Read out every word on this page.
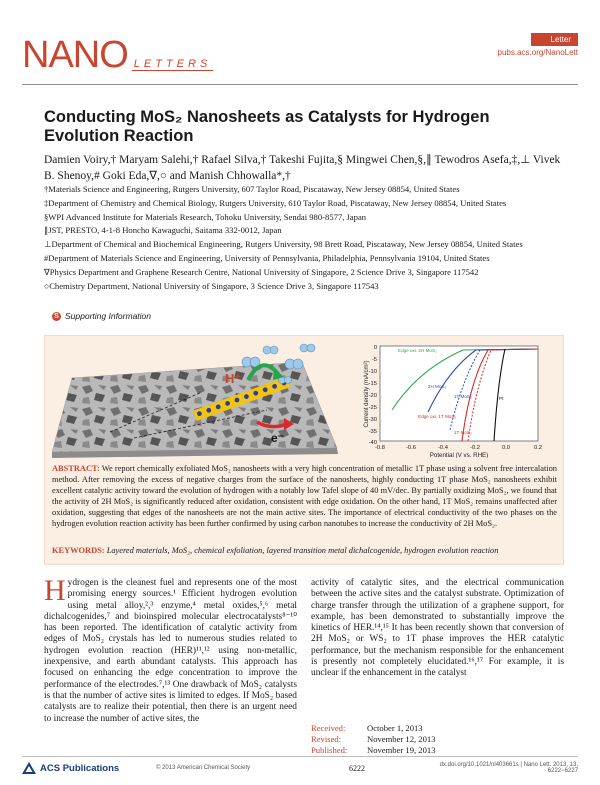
NANO LETTERS
Letter
pubs.acs.org/NanoLett
Conducting MoS₂ Nanosheets as Catalysts for Hydrogen Evolution Reaction
Damien Voiry,† Maryam Salehi,† Rafael Silva,† Takeshi Fujita,§ Mingwei Chen,§,∥ Tewodros Asefa,‡,⊥ Vivek B. Shenoy,# Goki Eda,∇,○ and Manish Chhowalla*,†
†Materials Science and Engineering, Rutgers University, 607 Taylor Road, Piscataway, New Jersey 08854, United States
‡Department of Chemistry and Chemical Biology, Rutgers University, 610 Taylor Road, Piscataway, New Jersey 08854, United States
§WPI Advanced Institute for Materials Research, Tohoku University, Sendai 980-8577, Japan
∥JST, PRESTO, 4-1-8 Honcho Kawaguchi, Saitama 332-0012, Japan
⊥Department of Chemical and Biochemical Engineering, Rutgers University, 98 Brett Road, Piscataway, New Jersey 08854, United States
#Department of Materials Science and Engineering, University of Pennsylvania, Philadelphia, Pennsylvania 19104, United States
∇Physics Department and Graphene Research Centre, National University of Singapore, 2 Science Drive 3, Singapore 117542
○Chemistry Department, National University of Singapore, 3 Science Drive 3, Singapore 117543
S Supporting Information
H⁺
e⁻
0
-5
-10
-15
-20
-25
-30
-35
-40
-0.8	-0.6	-0.4	-0.2	0.0	0.2
Potential (V vs. RHE)
Current density (mA/cm²)
Edge oxi. 2H MoS₂
2H MoS₂
1T MoS₂
Edge oxi. 1T MoS₂
1T MoS₂
Pt
ABSTRACT: We report chemically exfoliated MoS₂ nanosheets with a very high concentration of metallic 1T phase using a solvent free intercalation method. After removing the excess of negative charges from the surface of the nanosheets, highly conducting 1T phase MoS₂ nanosheets exhibit excellent catalytic activity toward the evolution of hydrogen with a notably low Tafel slope of 40 mV/dec. By partially oxidizing MoS₂, we found that the activity of 2H MoS₂ is significantly reduced after oxidation, consistent with edge oxidation. On the other hand, 1T MoS₂ remains unaffected after oxidation, suggesting that edges of the nanosheets are not the main active sites. The importance of electrical conductivity of the two phases on the hydrogen evolution reaction activity has been further confirmed by using carbon nanotubes to increase the conductivity of 2H MoS₂.
KEYWORDS: Layered materials, MoS₂, chemical exfoliation, layered transition metal dichalcogenide, hydrogen evolution reaction
Hydrogen is the cleanest fuel and represents one of the most promising energy sources.¹ Efficient hydrogen evolution using metal alloy,²,³ enzyme,⁴ metal oxides,⁵,⁶ metal dichalcogenides,⁷ and bioinspired molecular electrocatalysts⁸⁻¹⁰ has been reported. The identification of catalytic activity from edges of MoS₂ crystals has led to numerous studies related to hydrogen evolution reaction (HER)¹¹,¹² using non-metallic, inexpensive, and earth abundant catalysts. This approach has focused on enhancing the edge concentration to improve the performance of the electrodes.⁷,¹³ One drawback of MoS₂ catalysts is that the number of active sites is limited to edges. If MoS₂ based catalysts are to realize their potential, then there is an urgent need to increase the number of active sites, the
activity of catalytic sites, and the electrical communication between the active sites and the catalyst substrate. Optimization of charge transfer through the utilization of a graphene support, for example, has been demonstrated to substantially improve the kinetics of HER.¹⁴,¹⁵ It has been recently shown that conversion of 2H MoS₂ or WS₂ to 1T phase improves the HER catalytic performance, but the mechanism responsible for the enhancement is presently not completely elucidated.¹⁶,¹⁷ For example, it is unclear if the enhancement in the catalyst
Received:	October 1, 2013
Revised:	November 12, 2013
Published:	November 19, 2013
ACS Publications	© 2013 American Chemical Society	6222	dx.doi.org/10.1021/nl403661s | Nano Lett. 2013, 13, 6222−6227
